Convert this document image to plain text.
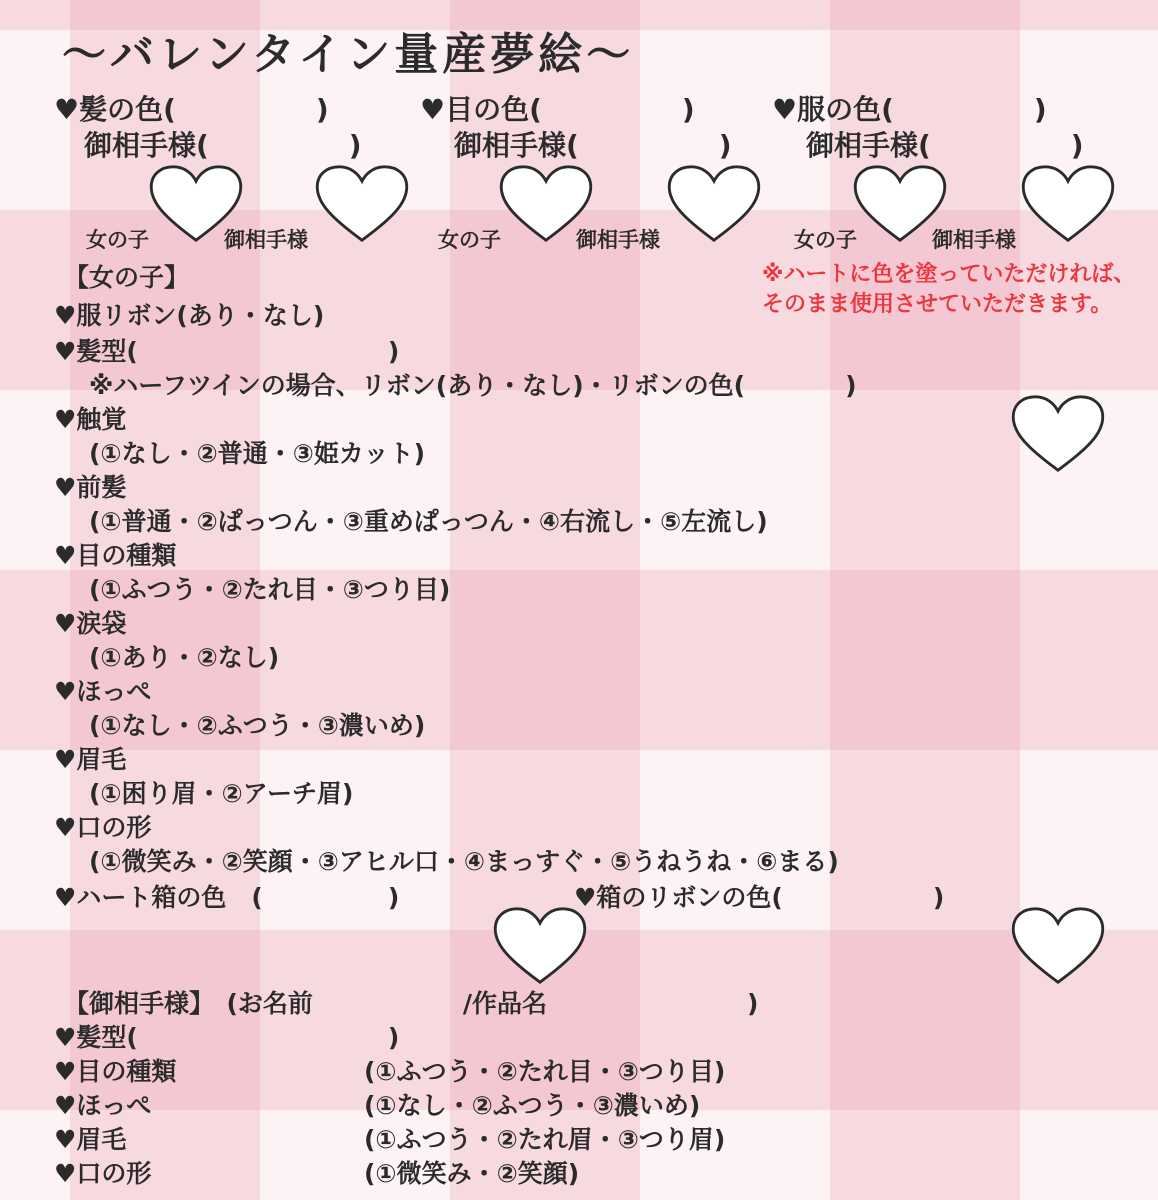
～バレンタイン量産夢絵～
♥髪の色(　　　　　)
御相手様(　　　　　)
♥目の色(　　　　　)
御相手様(　　　　　)
♥服の色(　　　　　)
御相手様(　　　　　)
女の子	御相手様	女の子	御相手様	女の子	御相手様
※ハートに色を塗っていただければ、そのまま使用させていただきます。
【女の子】
♥服リボン(あり・なし)
♥髪型(　　　　　　　　　　)
　※ハーフツインの場合、リボン(あり・なし)・リボンの色(　　　　)
♥触覚
　(①なし・②普通・③姫カット)
♥前髪
　(①普通・②ぱっつん・③重めぱっつん・④右流し・⑤左流し)
♥目の種類
　(①ふつう・②たれ目・③つり目)
♥涙袋
　(①あり・②なし)
♥ほっぺ
　(①なし・②ふつう・③濃いめ)
♥眉毛
　(①困り眉・②アーチ眉)
♥口の形
　(①微笑み・②笑顔・③アヒル口・④まっすぐ・⑤うねうね・⑥まる)
♥ハート箱の色　(　　　　　)	♥箱のリボンの色(　　　　　　)
【御相手様】　(お名前　　　　　　/作品名　　　　　　　　)
♥髪型(　　　　　　　　　　)
♥目の種類	(①ふつう・②たれ目・③つり目)
♥ほっぺ	(①なし・②ふつう・③濃いめ)
♥眉毛	(①ふつう・②たれ眉・③つり眉)
♥口の形	(①微笑み・②笑顔)
